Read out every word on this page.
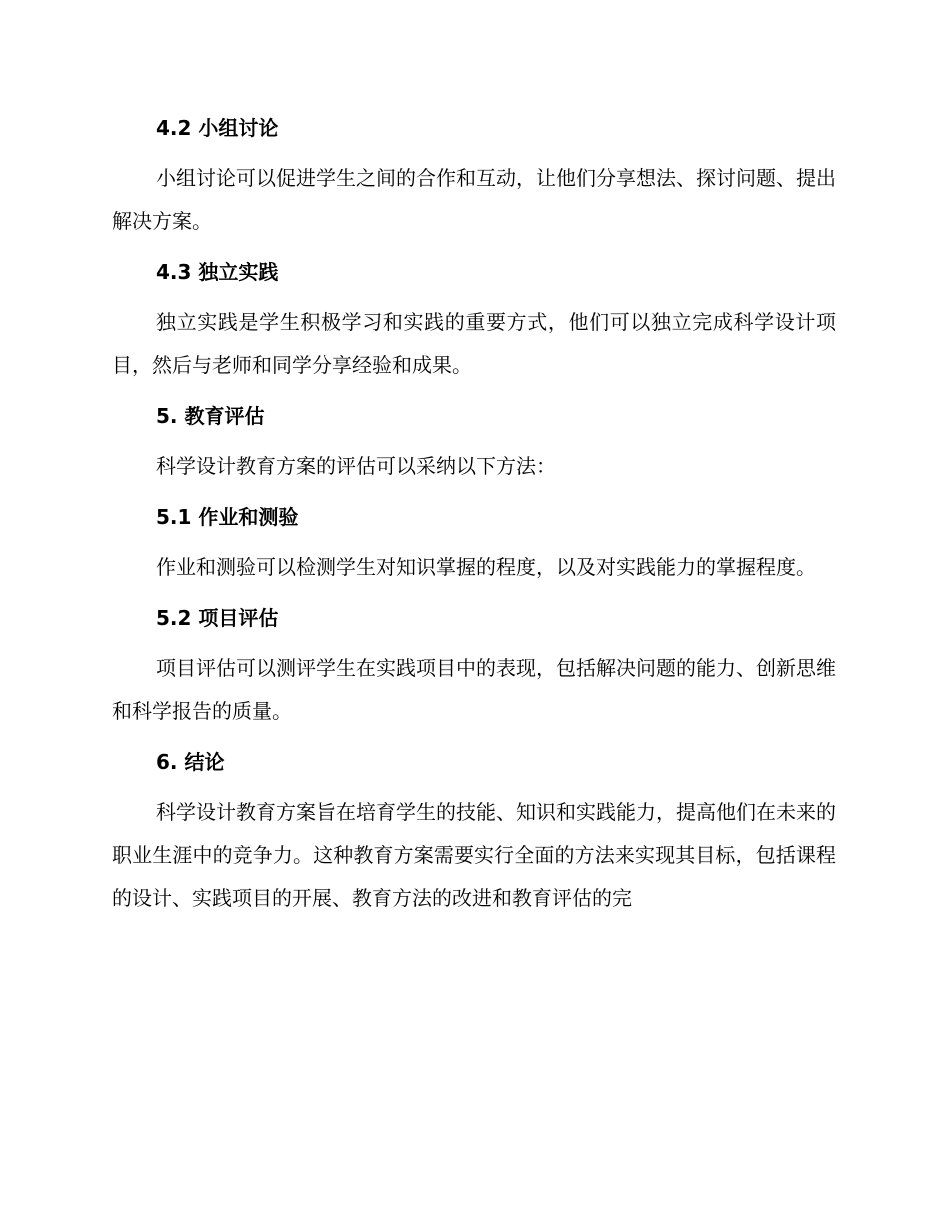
4.2 小组讨论

小组讨论可以促进学生之间的合作和互动，让他们分享想法、探讨问题、提出解决方案。

4.3 独立实践

独立实践是学生积极学习和实践的重要方式，他们可以独立完成科学设计项目，然后与老师和同学分享经验和成果。

5. 教育评估

科学设计教育方案的评估可以采纳以下方法：

5.1 作业和测验

作业和测验可以检测学生对知识掌握的程度，以及对实践能力的掌握程度。

5.2 项目评估

项目评估可以测评学生在实践项目中的表现，包括解决问题的能力、创新思维和科学报告的质量。

6. 结论

科学设计教育方案旨在培育学生的技能、知识和实践能力，提高他们在未来的职业生涯中的竞争力。这种教育方案需要实行全面的方法来实现其目标，包括课程的设计、实践项目的开展、教育方法的改进和教育评估的完
